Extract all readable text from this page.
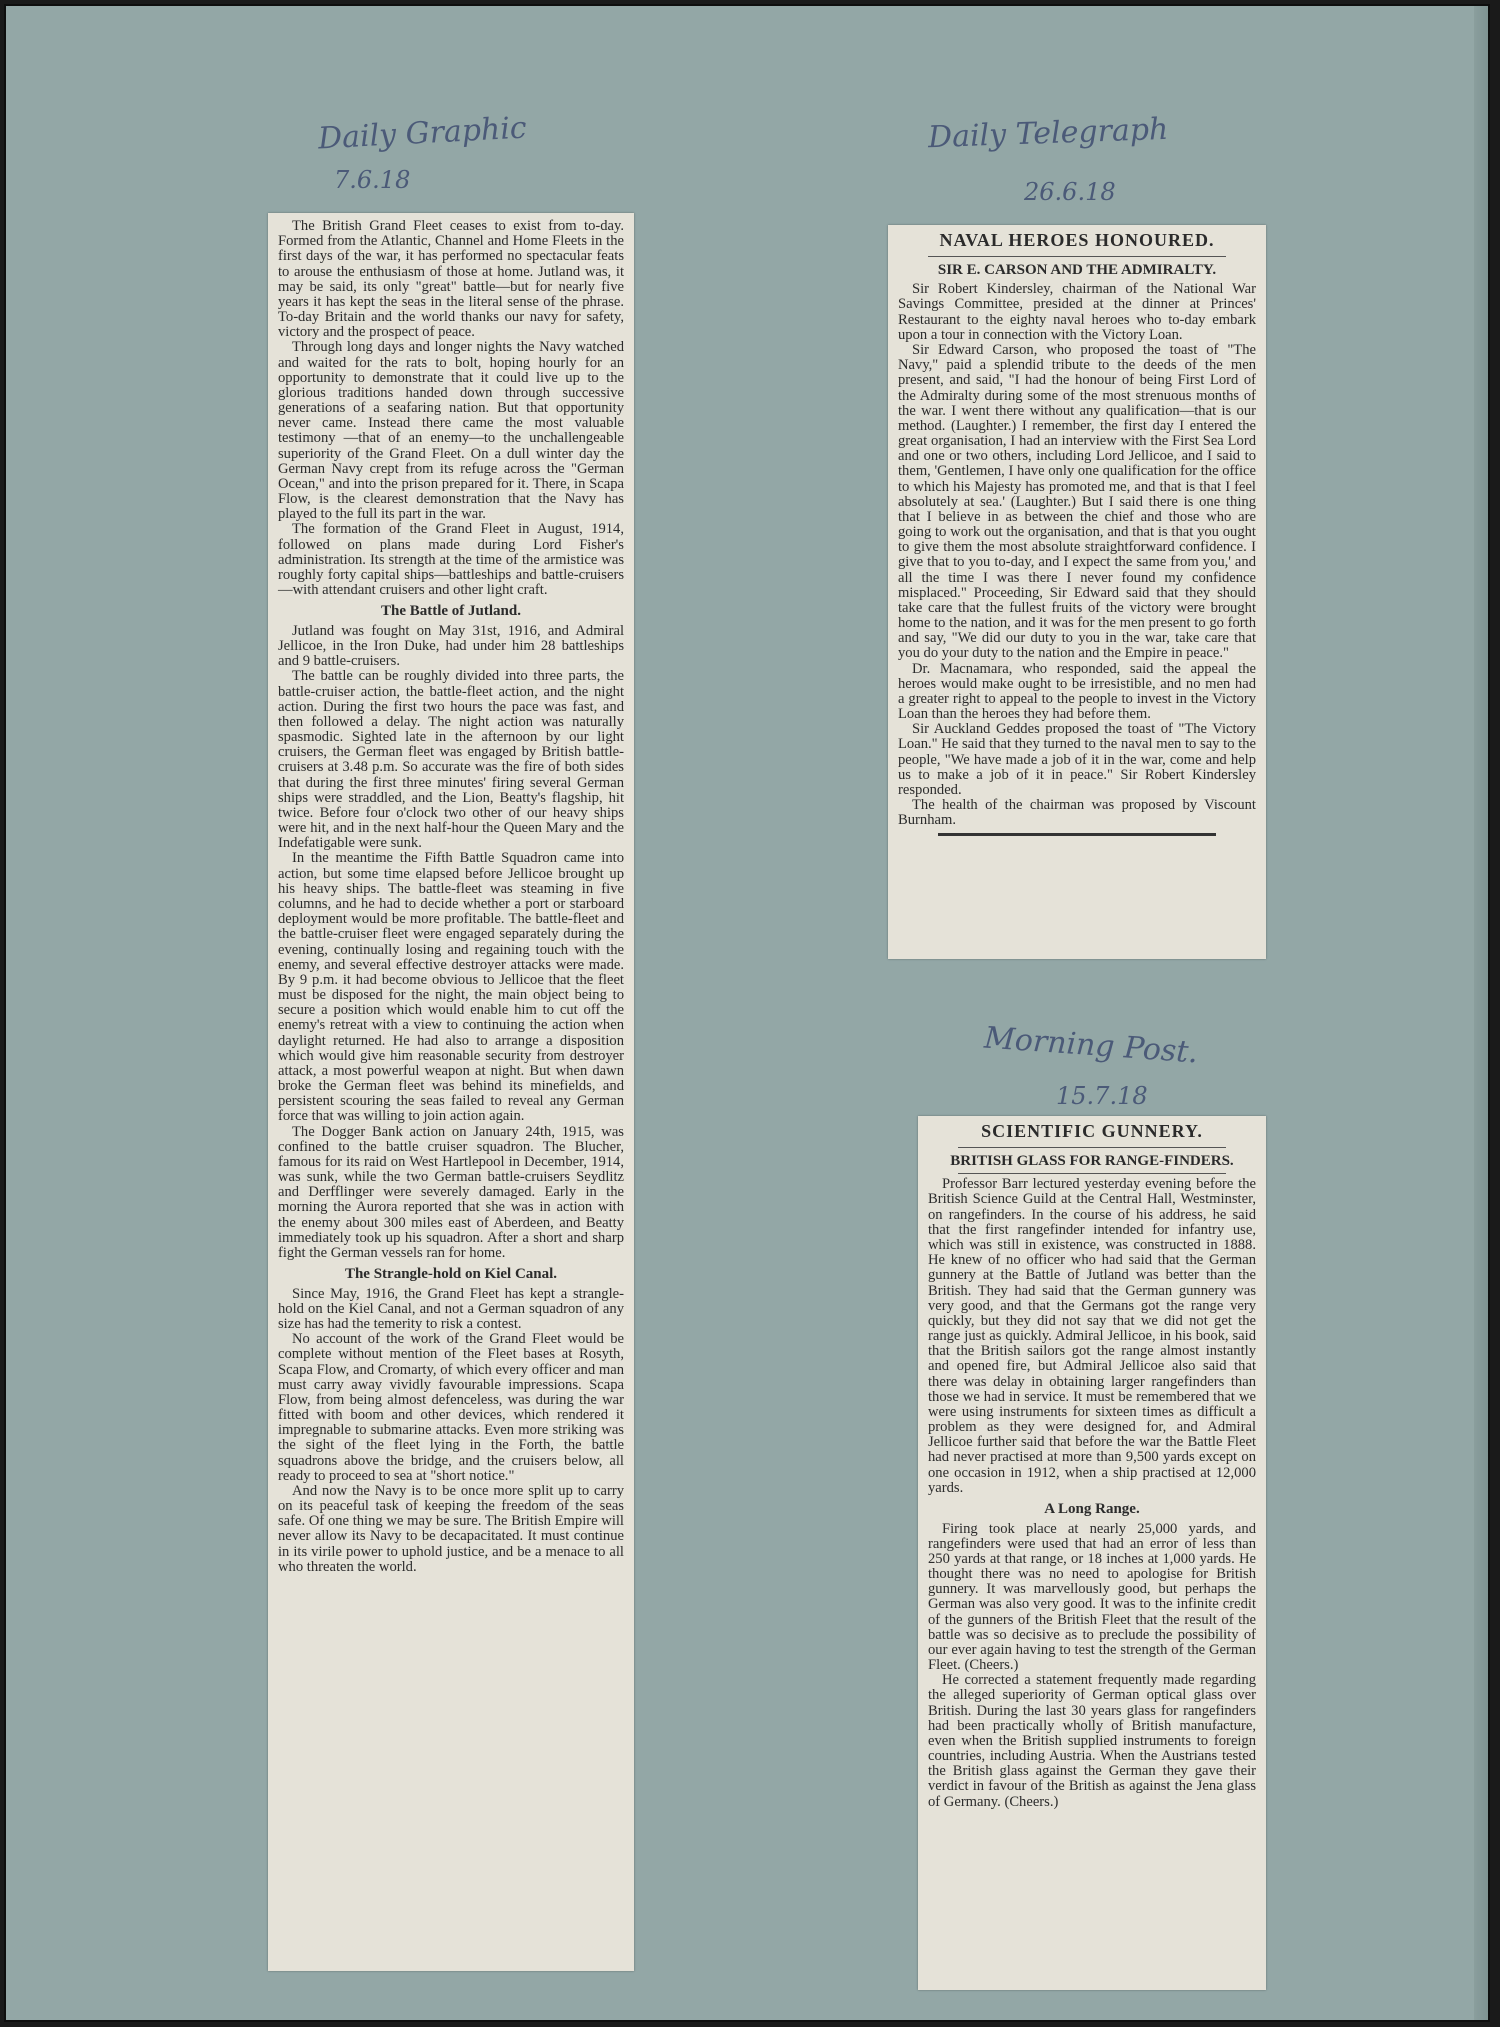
Daily Graphic
7.6.18
Daily Telegraph
26.6.18
Morning Post.
15.7.18

The British Grand Fleet ceases to exist from to-day. Formed from the Atlantic, Channel and Home Fleets in the first days of the war, it has performed no spectacular feats to arouse the enthusiasm of those at home. Jutland was, it may be said, its only "great" battle—but for nearly five years it has kept the seas in the literal sense of the phrase. To-day Britain and the world thanks our navy for safety, victory and the prospect of peace.

Through long days and longer nights the Navy watched and waited for the rats to bolt, hoping hourly for an opportunity to demonstrate that it could live up to the glorious traditions handed down through successive generations of a seafaring nation. But that opportunity never came. Instead there came the most valuable testimony —that of an enemy—to the unchallengeable superiority of the Grand Fleet. On a dull winter day the German Navy crept from its refuge across the "German Ocean," and into the prison prepared for it. There, in Scapa Flow, is the clearest demonstration that the Navy has played to the full its part in the war.

The formation of the Grand Fleet in August, 1914, followed on plans made during Lord Fisher's administration. Its strength at the time of the armistice was roughly forty capital ships—battleships and battle-cruisers—with attendant cruisers and other light craft.

The Battle of Jutland.

Jutland was fought on May 31st, 1916, and Admiral Jellicoe, in the Iron Duke, had under him 28 battleships and 9 battle-cruisers.

The battle can be roughly divided into three parts, the battle-cruiser action, the battle-fleet action, and the night action. During the first two hours the pace was fast, and then followed a delay. The night action was naturally spasmodic. Sighted late in the afternoon by our light cruisers, the German fleet was engaged by British battle-cruisers at 3.48 p.m. So accurate was the fire of both sides that during the first three minutes' firing several German ships were straddled, and the Lion, Beatty's flagship, hit twice. Before four o'clock two other of our heavy ships were hit, and in the next half-hour the Queen Mary and the Indefatigable were sunk.

In the meantime the Fifth Battle Squadron came into action, but some time elapsed before Jellicoe brought up his heavy ships. The battle-fleet was steaming in five columns, and he had to decide whether a port or starboard deployment would be more profitable. The battle-fleet and the battle-cruiser fleet were engaged separately during the evening, continually losing and regaining touch with the enemy, and several effective destroyer attacks were made. By 9 p.m. it had become obvious to Jellicoe that the fleet must be disposed for the night, the main object being to secure a position which would enable him to cut off the enemy's retreat with a view to continuing the action when daylight returned. He had also to arrange a disposition which would give him reasonable security from destroyer attack, a most powerful weapon at night. But when dawn broke the German fleet was behind its minefields, and persistent scouring the seas failed to reveal any German force that was willing to join action again.

The Dogger Bank action on January 24th, 1915, was confined to the battle cruiser squadron. The Blucher, famous for its raid on West Hartlepool in December, 1914, was sunk, while the two German battle-cruisers Seydlitz and Derfflinger were severely damaged. Early in the morning the Aurora reported that she was in action with the enemy about 300 miles east of Aberdeen, and Beatty immediately took up his squadron. After a short and sharp fight the German vessels ran for home.

The Strangle-hold on Kiel Canal.

Since May, 1916, the Grand Fleet has kept a strangle-hold on the Kiel Canal, and not a German squadron of any size has had the temerity to risk a contest.

No account of the work of the Grand Fleet would be complete without mention of the Fleet bases at Rosyth, Scapa Flow, and Cromarty, of which every officer and man must carry away vividly favourable impressions. Scapa Flow, from being almost defenceless, was during the war fitted with boom and other devices, which rendered it impregnable to submarine attacks. Even more striking was the sight of the fleet lying in the Forth, the battle squadrons above the bridge, and the cruisers below, all ready to proceed to sea at "short notice."

And now the Navy is to be once more split up to carry on its peaceful task of keeping the freedom of the seas safe. Of one thing we may be sure. The British Empire will never allow its Navy to be decapacitated. It must continue in its virile power to uphold justice, and be a menace to all who threaten the world.

NAVAL HEROES HONOURED.

SIR E. CARSON AND THE ADMIRALTY.

Sir Robert Kindersley, chairman of the National War Savings Committee, presided at the dinner at Princes' Restaurant to the eighty naval heroes who to-day embark upon a tour in connection with the Victory Loan.

Sir Edward Carson, who proposed the toast of "The Navy," paid a splendid tribute to the deeds of the men present, and said, "I had the honour of being First Lord of the Admiralty during some of the most strenuous months of the war. I went there without any qualification—that is our method. (Laughter.) I remember, the first day I entered the great organisation, I had an interview with the First Sea Lord and one or two others, including Lord Jellicoe, and I said to them, 'Gentlemen, I have only one qualification for the office to which his Majesty has promoted me, and that is that I feel absolutely at sea.' (Laughter.) But I said there is one thing that I believe in as between the chief and those who are going to work out the organisation, and that is that you ought to give them the most absolute straightforward confidence. I give that to you to-day, and I expect the same from you,' and all the time I was there I never found my confidence misplaced." Proceeding, Sir Edward said that they should take care that the fullest fruits of the victory were brought home to the nation, and it was for the men present to go forth and say, "We did our duty to you in the war, take care that you do your duty to the nation and the Empire in peace."

Dr. Macnamara, who responded, said the appeal the heroes would make ought to be irresistible, and no men had a greater right to appeal to the people to invest in the Victory Loan than the heroes they had before them.

Sir Auckland Geddes proposed the toast of "The Victory Loan." He said that they turned to the naval men to say to the people, "We have made a job of it in the war, come and help us to make a job of it in peace." Sir Robert Kindersley responded.

The health of the chairman was proposed by Viscount Burnham.

SCIENTIFIC GUNNERY.

BRITISH GLASS FOR RANGE-FINDERS.

Professor Barr lectured yesterday evening before the British Science Guild at the Central Hall, Westminster, on rangefinders. In the course of his address, he said that the first rangefinder intended for infantry use, which was still in existence, was constructed in 1888. He knew of no officer who had said that the German gunnery at the Battle of Jutland was better than the British. They had said that the German gunnery was very good, and that the Germans got the range very quickly, but they did not say that we did not get the range just as quickly. Admiral Jellicoe, in his book, said that the British sailors got the range almost instantly and opened fire, but Admiral Jellicoe also said that there was delay in obtaining larger rangefinders than those we had in service. It must be remembered that we were using instruments for sixteen times as difficult a problem as they were designed for, and Admiral Jellicoe further said that before the war the Battle Fleet had never practised at more than 9,500 yards except on one occasion in 1912, when a ship practised at 12,000 yards.

A Long Range.

Firing took place at nearly 25,000 yards, and rangefinders were used that had an error of less than 250 yards at that range, or 18 inches at 1,000 yards. He thought there was no need to apologise for British gunnery. It was marvellously good, but perhaps the German was also very good. It was to the infinite credit of the gunners of the British Fleet that the result of the battle was so decisive as to preclude the possibility of our ever again having to test the strength of the German Fleet. (Cheers.)

He corrected a statement frequently made regarding the alleged superiority of German optical glass over British. During the last 30 years glass for rangefinders had been practically wholly of British manufacture, even when the British supplied instruments to foreign countries, including Austria. When the Austrians tested the British glass against the German they gave their verdict in favour of the British as against the Jena glass of Germany. (Cheers.)
